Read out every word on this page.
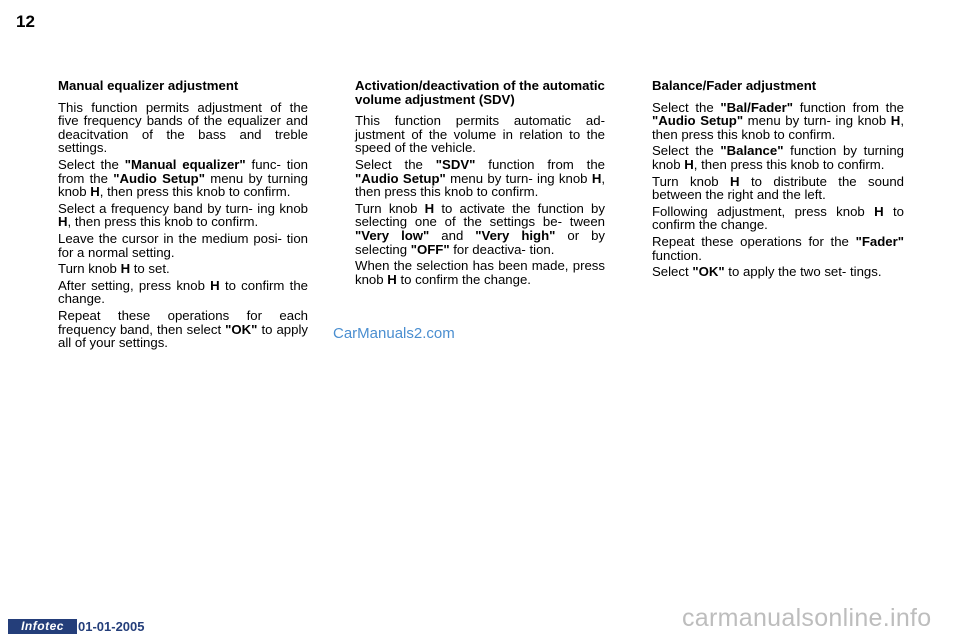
12
Manual equalizer adjustment

This function permits adjustment of the five frequency bands of the equalizer and deacitvation of the bass and treble settings.

Select the "Manual equalizer" func- tion from the "Audio Setup" menu by turning knob H, then press this knob to confirm.

Select a frequency band by turn- ing knob H, then press this knob to confirm.

Leave the cursor in the medium posi- tion for a normal setting.

Turn knob H to set.

After setting, press knob H to confirm the change.

Repeat these operations for each frequency band, then select "OK" to apply all of your settings.

Activation/deactivation of the automatic volume adjustment (SDV)

This function permits automatic ad- justment of the volume in relation to the speed of the vehicle.

Select the "SDV" function from the "Audio Setup" menu by turn- ing knob H, then press this knob to confirm.

Turn knob H to activate the function by selecting one of the settings be- tween "Very low" and "Very high" or by selecting "OFF" for deactiva- tion.

When the selection has been made, press knob H to confirm the change.

Balance/Fader adjustment

Select the "Bal/Fader" function from the "Audio Setup" menu by turn- ing knob H, then press this knob to confirm.

Select the "Balance" function by turning knob H, then press this knob to confirm.

Turn knob H to distribute the sound between the right and the left.

Following adjustment, press knob H to confirm the change.

Repeat these operations for the "Fader" function.

Select "OK" to apply the two set- tings.

CarManuals2.com
Infotec	01-01-2005	carmanualsonline.info
